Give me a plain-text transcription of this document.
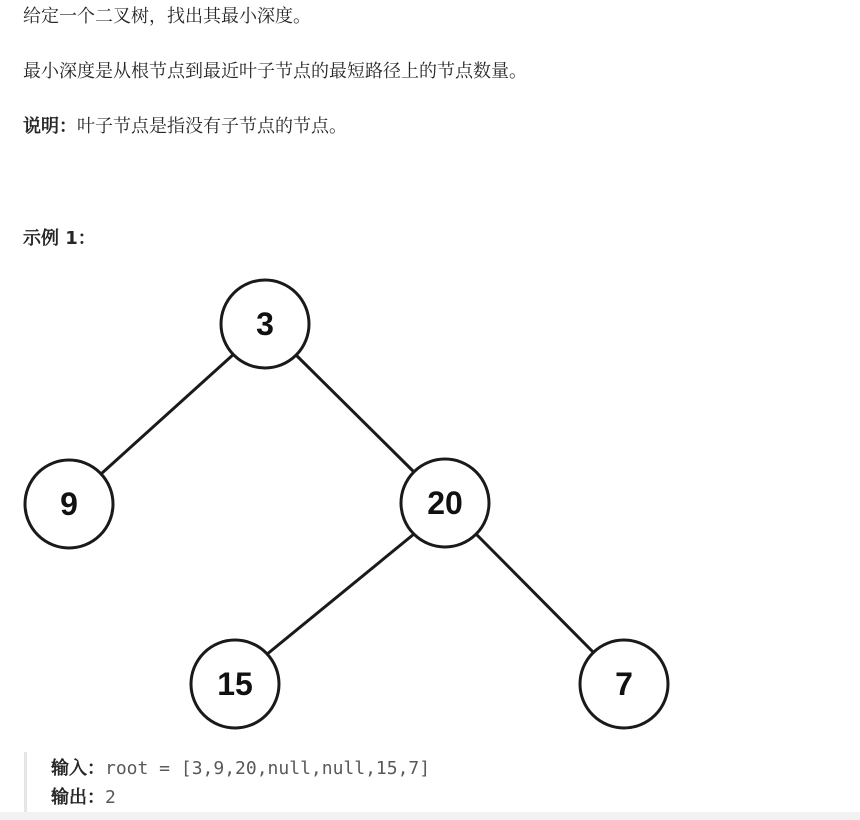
给定一个二叉树，找出其最小深度。

最小深度是从根节点到最近叶子节点的最短路径上的节点数量。

说明：叶子节点是指没有子节点的节点。

示例 1：

3
9	20
15	7
输入：root = [3,9,20,null,null,15,7]
输出：2
